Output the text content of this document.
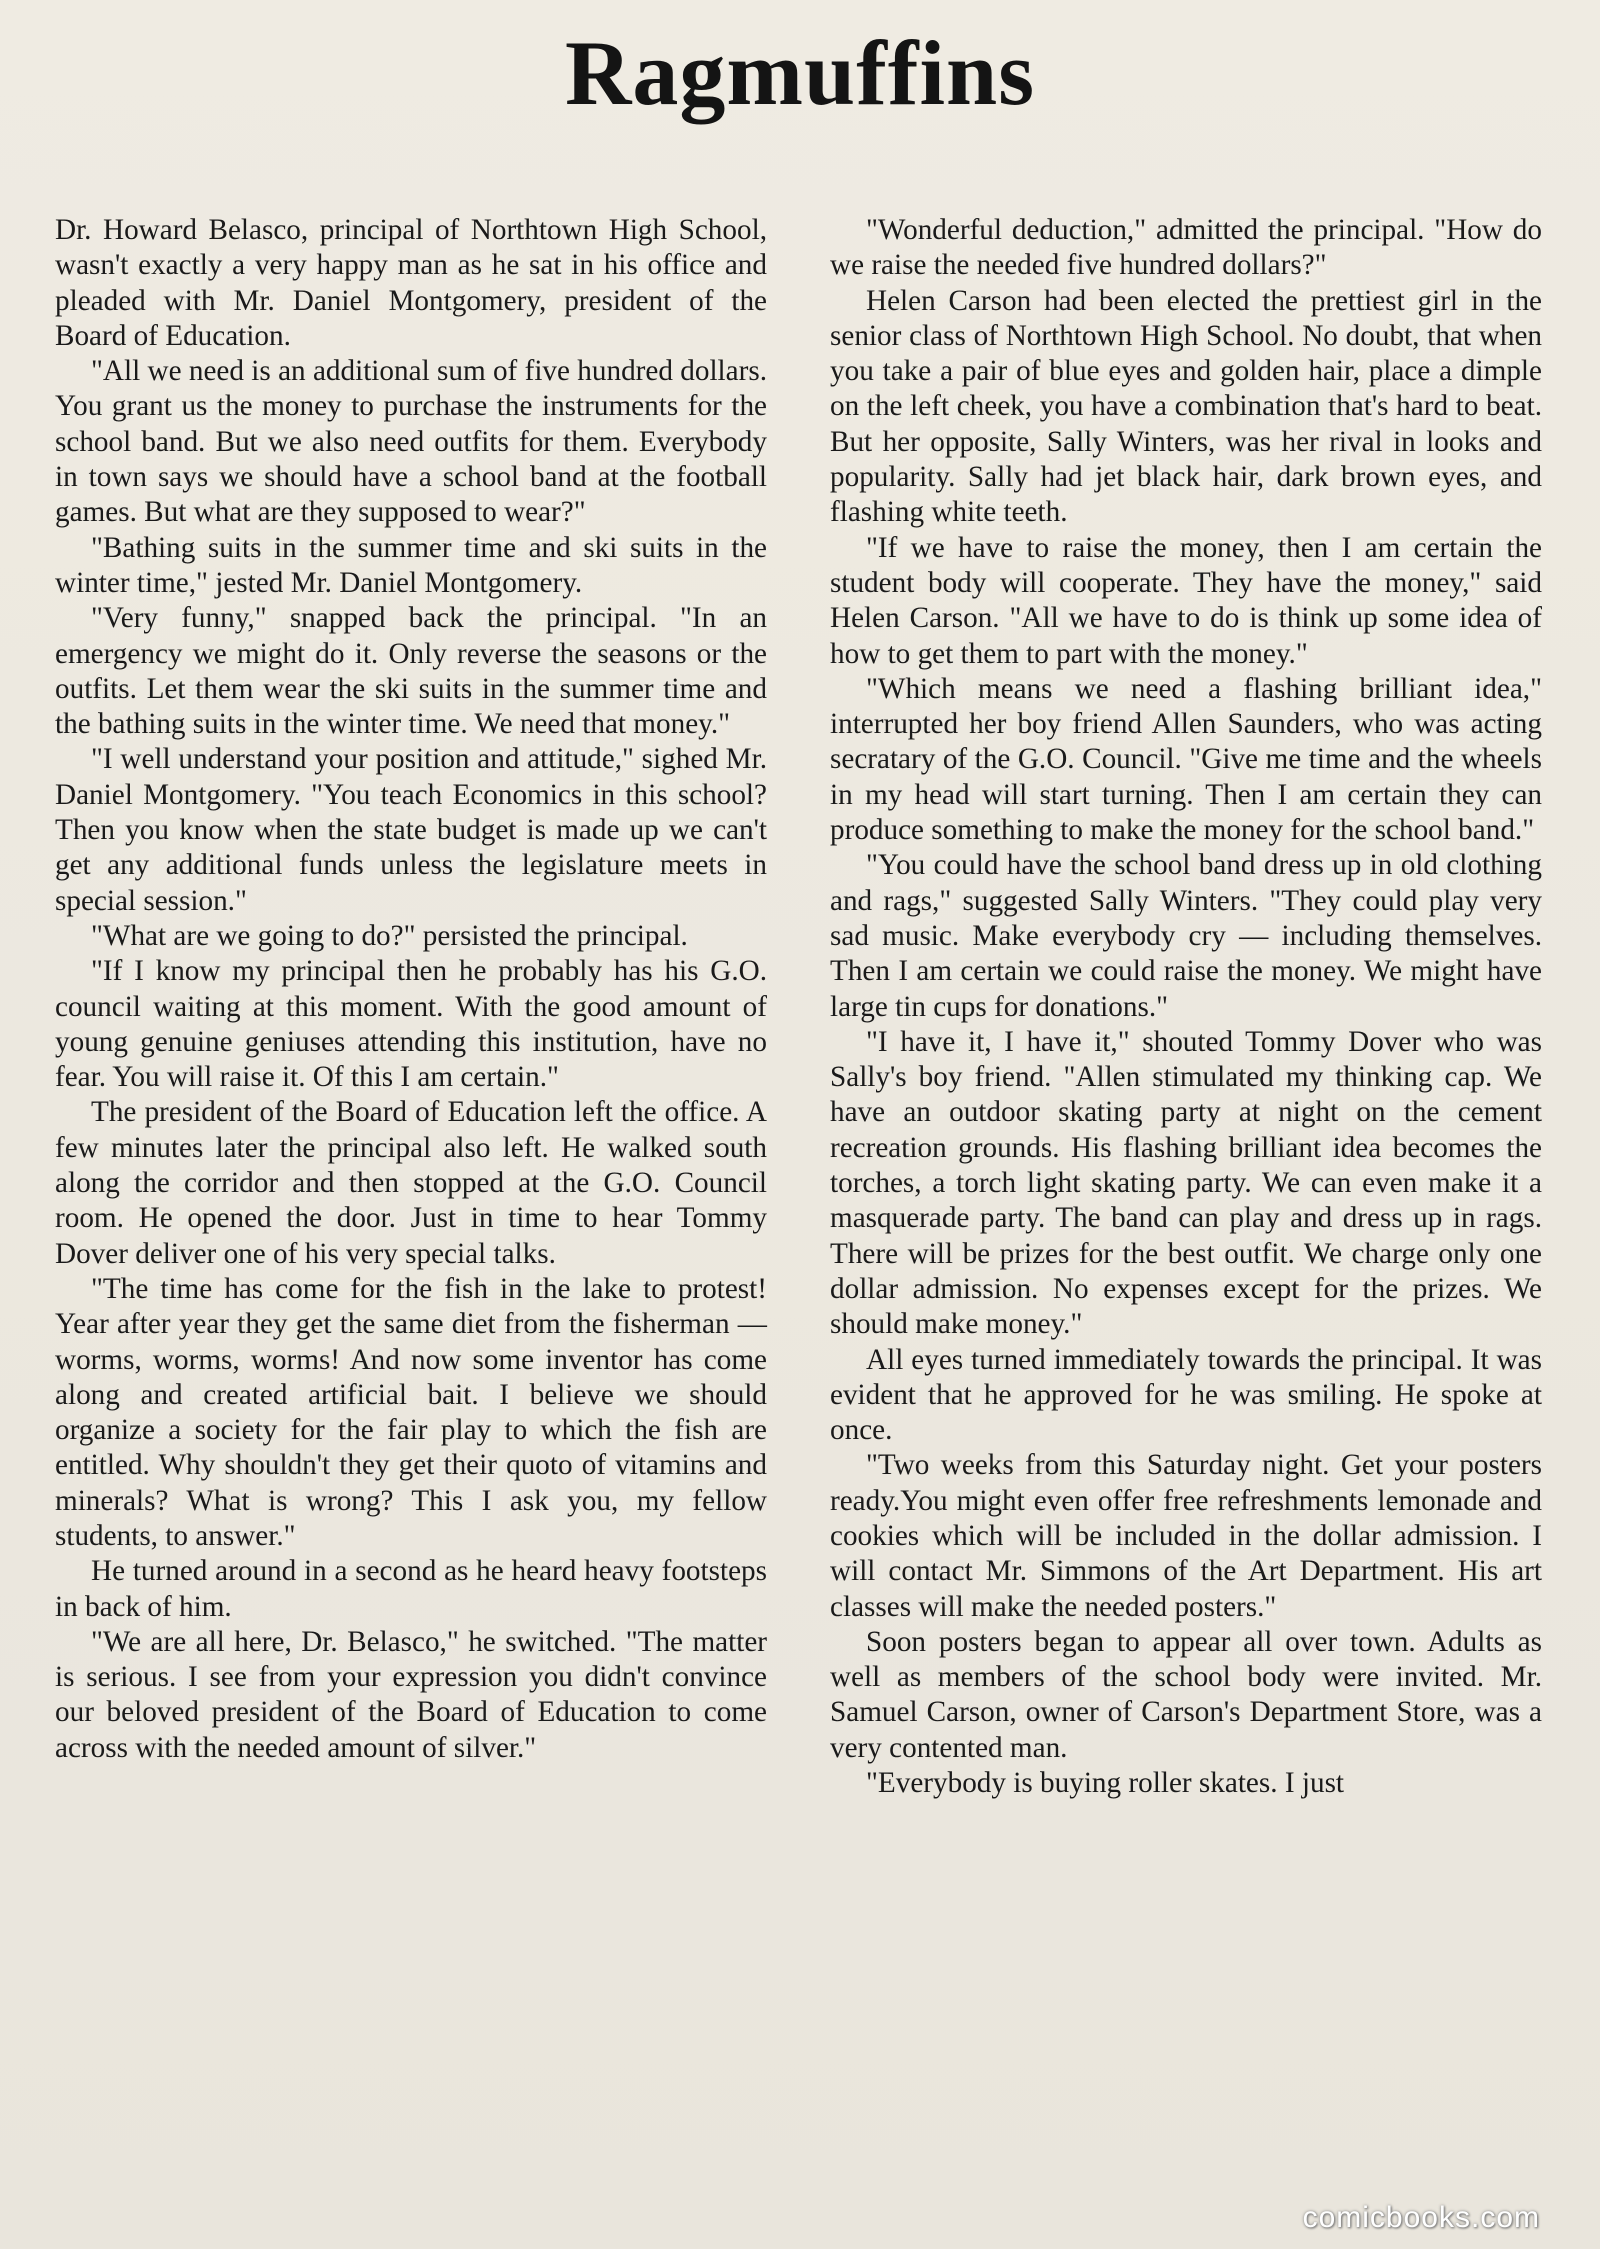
Ragmuffins

Dr. Howard Belasco, principal of Northtown High School, wasn't exactly a very happy man as he sat in his office and pleaded with Mr. Daniel Montgomery, president of the Board of Education.

"All we need is an additional sum of five hundred dollars. You grant us the money to purchase the instruments for the school band. But we also need outfits for them. Everybody in town says we should have a school band at the football games. But what are they supposed to wear?"

"Bathing suits in the summer time and ski suits in the winter time," jested Mr. Daniel Montgomery.

"Very funny," snapped back the principal. "In an emergency we might do it. Only reverse the seasons or the outfits. Let them wear the ski suits in the summer time and the bathing suits in the winter time. We need that money."

"I well understand your position and attitude," sighed Mr. Daniel Montgomery. "You teach Economics in this school? Then you know when the state budget is made up we can't get any additional funds unless the legislature meets in special session."

"What are we going to do?" persisted the principal.

"If I know my principal then he probably has his G.O. council waiting at this moment. With the good amount of young genuine geniuses attending this institution, have no fear. You will raise it. Of this I am certain."

The president of the Board of Education left the office. A few minutes later the principal also left. He walked south along the corridor and then stopped at the G.O. Council room. He opened the door. Just in time to hear Tommy Dover deliver one of his very special talks.

"The time has come for the fish in the lake to protest! Year after year they get the same diet from the fisherman — worms, worms, worms! And now some inventor has come along and created artificial bait. I believe we should organize a society for the fair play to which the fish are entitled. Why shouldn't they get their quoto of vitamins and minerals? What is wrong? This I ask you, my fellow students, to answer."

He turned around in a second as he heard heavy footsteps in back of him.

"We are all here, Dr. Belasco," he switched. "The matter is serious. I see from your expression you didn't convince our beloved president of the Board of Education to come across with the needed amount of silver."

"Wonderful deduction," admitted the principal. "How do we raise the needed five hundred dollars?"

Helen Carson had been elected the prettiest girl in the senior class of Northtown High School. No doubt, that when you take a pair of blue eyes and golden hair, place a dimple on the left cheek, you have a combination that's hard to beat. But her opposite, Sally Winters, was her rival in looks and popularity. Sally had jet black hair, dark brown eyes, and flashing white teeth.

"If we have to raise the money, then I am certain the student body will cooperate. They have the money," said Helen Carson. "All we have to do is think up some idea of how to get them to part with the money."

"Which means we need a flashing brilliant idea," interrupted her boy friend Allen Saunders, who was acting secratary of the G.O. Council. "Give me time and the wheels in my head will start turning. Then I am certain they can produce something to make the money for the school band."

"You could have the school band dress up in old clothing and rags," suggested Sally Winters. "They could play very sad music. Make everybody cry — including themselves. Then I am certain we could raise the money. We might have large tin cups for donations."

"I have it, I have it," shouted Tommy Dover who was Sally's boy friend. "Allen stimulated my thinking cap. We have an outdoor skating party at night on the cement recreation grounds. His flashing brilliant idea becomes the torches, a torch light skating party. We can even make it a masquerade party. The band can play and dress up in rags. There will be prizes for the best outfit. We charge only one dollar admission. No expenses except for the prizes. We should make money."

All eyes turned immediately towards the principal. It was evident that he approved for he was smiling. He spoke at once.

"Two weeks from this Saturday night. Get your posters ready.You might even offer free refreshments lemonade and cookies which will be included in the dollar admission. I will contact Mr. Simmons of the Art Department. His art classes will make the needed posters."

Soon posters began to appear all over town. Adults as well as members of the school body were invited. Mr. Samuel Carson, owner of Carson's Department Store, was a very contented man.

"Everybody is buying roller skates. I just

comicbooks.com
